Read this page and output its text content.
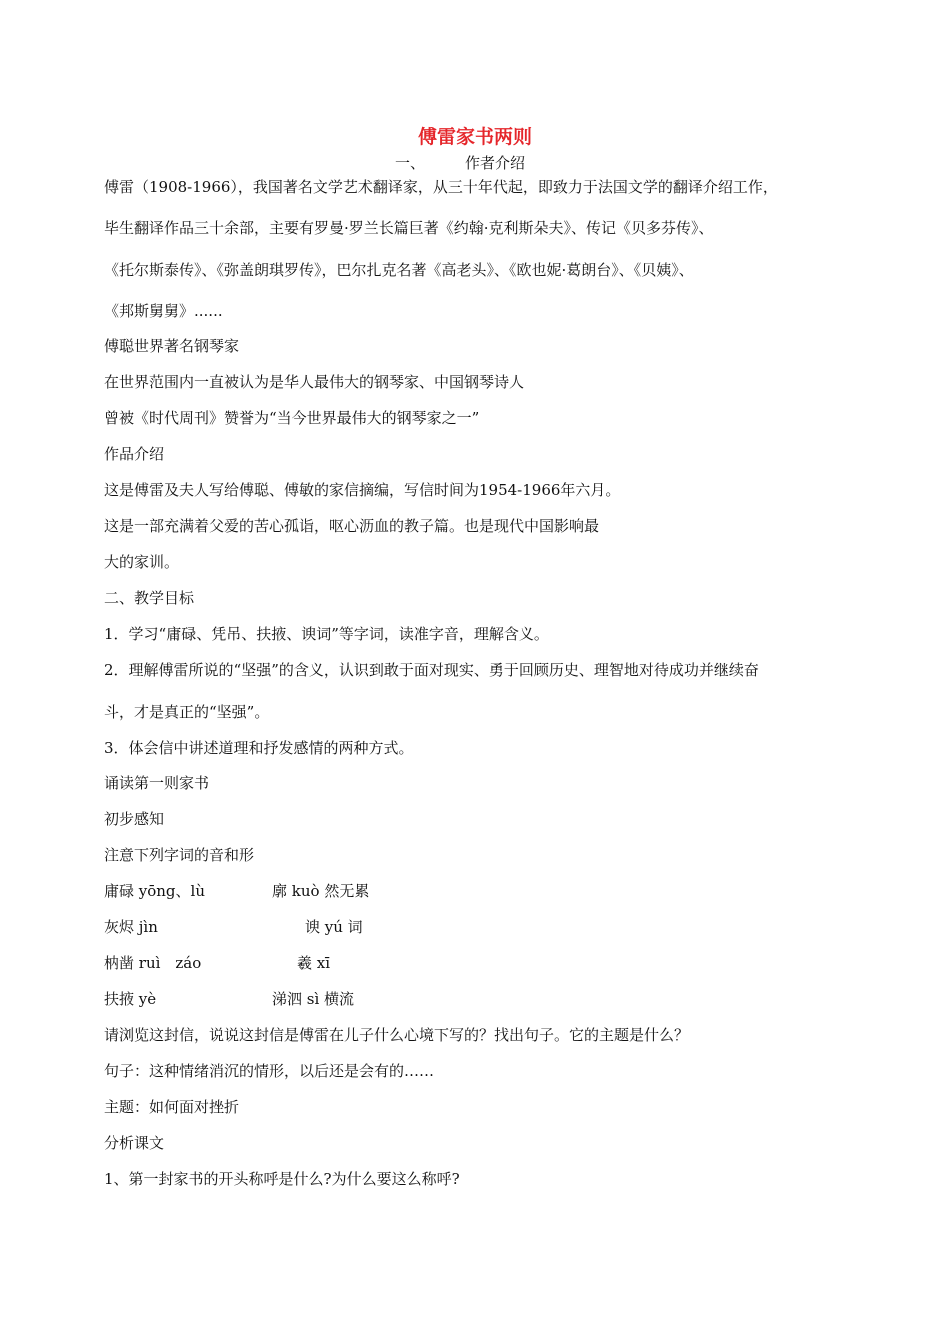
傅雷家书两则
一、	作者介绍
傅雷（1908-1966），我国著名文学艺术翻译家，从三十年代起，即致力于法国文学的翻译介绍工作，
毕生翻译作品三十余部，主要有罗曼·罗兰长篇巨著《约翰·克利斯朵夫》、传记《贝多芬传》、
《托尔斯泰传》、《弥盖朗琪罗传》，巴尔扎克名著《高老头》、《欧也妮·葛朗台》、《贝姨》、
《邦斯舅舅》......
傅聪世界著名钢琴家
在世界范围内一直被认为是华人最伟大的钢琴家、中国钢琴诗人
曾被《时代周刊》赞誉为“当今世界最伟大的钢琴家之一”
作品介绍
这是傅雷及夫人写给傅聪、傅敏的家信摘编，写信时间为1954-1966年六月。
这是一部充满着父爱的苦心孤诣，呕心沥血的教子篇。也是现代中国影响最
大的家训。
二、教学目标
1．学习“庸碌、凭吊、扶掖、谀词”等字词，读准字音，理解含义。
2．理解傅雷所说的“坚强”的含义，认识到敢于面对现实、勇于回顾历史、理智地对待成功并继续奋
斗，才是真正的“坚强”。
3．体会信中讲述道理和抒发感情的两种方式。
诵读第一则家书
初步感知
注意下列字词的音和形
庸碌 yōng、lù	廓 kuò 然无累
灰烬 jìn	谀 yú 词
枘凿 ruì　záo	羲 xī
扶掖 yè	涕泗 sì 横流
请浏览这封信，说说这封信是傅雷在儿子什么心境下写的？找出句子。它的主题是什么？
句子：这种情绪消沉的情形，以后还是会有的……
主题：如何面对挫折
分析课文
1、第一封家书的开头称呼是什么?为什么要这么称呼?
